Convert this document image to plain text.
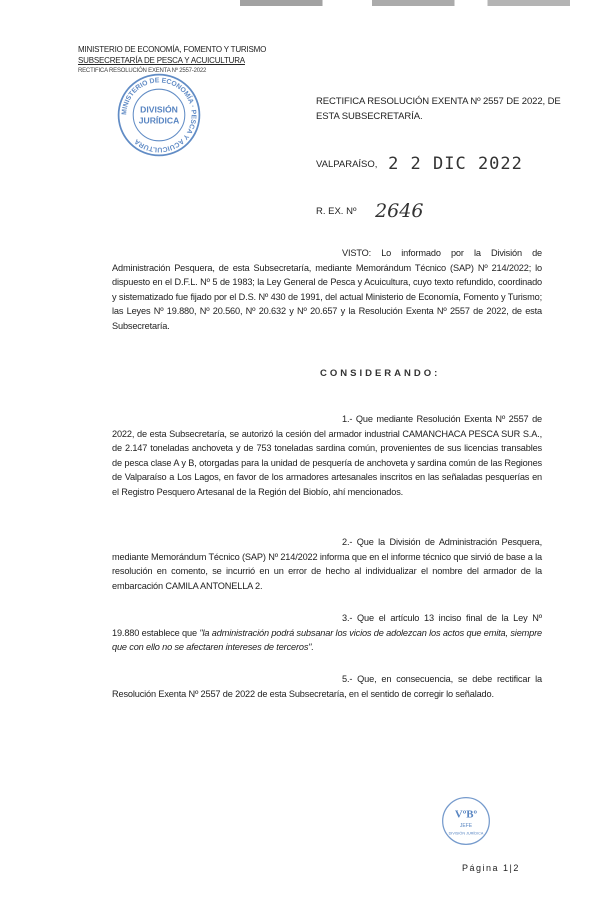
MINISTERIO DE ECONOMÍA, FOMENTO Y TURISMO
SUBSECRETARÍA DE PESCA Y ACUICULTURA
RECTIFICA RESOLUCIÓN EXENTA Nº 2557-2022
MINISTERIO DE ECONOMÍA · PESCA Y ACUICULTURA
DIVISIÓN
JURÍDICA
RECTIFICA RESOLUCIÓN EXENTA Nº 2557 DE 2022, DE ESTA SUBSECRETARÍA.
VALPARAÍSO, 2 2 DIC 2022
R. EX. Nº 2646
VISTO: Lo informado por la División de Administración Pesquera, de esta Subsecretaría, mediante Memorándum Técnico (SAP) Nº 214/2022; lo dispuesto en el D.F.L. Nº 5 de 1983; la Ley General de Pesca y Acuicultura, cuyo texto refundido, coordinado y sistematizado fue fijado por el D.S. Nº 430 de 1991, del actual Ministerio de Economía, Fomento y Turismo; las Leyes Nº 19.880, Nº 20.560, Nº 20.632 y Nº 20.657 y la Resolución Exenta Nº 2557 de 2022, de esta Subsecretaría.
CONSIDERANDO:
1.- Que mediante Resolución Exenta Nº 2557 de 2022, de esta Subsecretaría, se autorizó la cesión del armador industrial CAMANCHACA PESCA SUR S.A., de 2.147 toneladas anchoveta y de 753 toneladas sardina común, provenientes de sus licencias transables de pesca clase A y B, otorgadas para la unidad de pesquería de anchoveta y sardina común de las Regiones de Valparaíso a Los Lagos, en favor de los armadores artesanales inscritos en las señaladas pesquerías en el Registro Pesquero Artesanal de la Región del Biobío, ahí mencionados.
2.- Que la División de Administración Pesquera, mediante Memorándum Técnico (SAP) Nº 214/2022 informa que en el informe técnico que sirvió de base a la resolución en comento, se incurrió en un error de hecho al individualizar el nombre del armador de la embarcación CAMILA ANTONELLA 2.
3.- Que el artículo 13 inciso final de la Ley Nº 19.880 establece que "la administración podrá subsanar los vicios de adolezcan los actos que emita, siempre que con ello no se afectaren intereses de terceros".
5.- Que, en consecuencia, se debe rectificar la Resolución Exenta Nº 2557 de 2022 de esta Subsecretaría, en el sentido de corregir lo señalado.
VºBº
JEFE
DIVISIÓN JURÍDICA
Página 1|2
